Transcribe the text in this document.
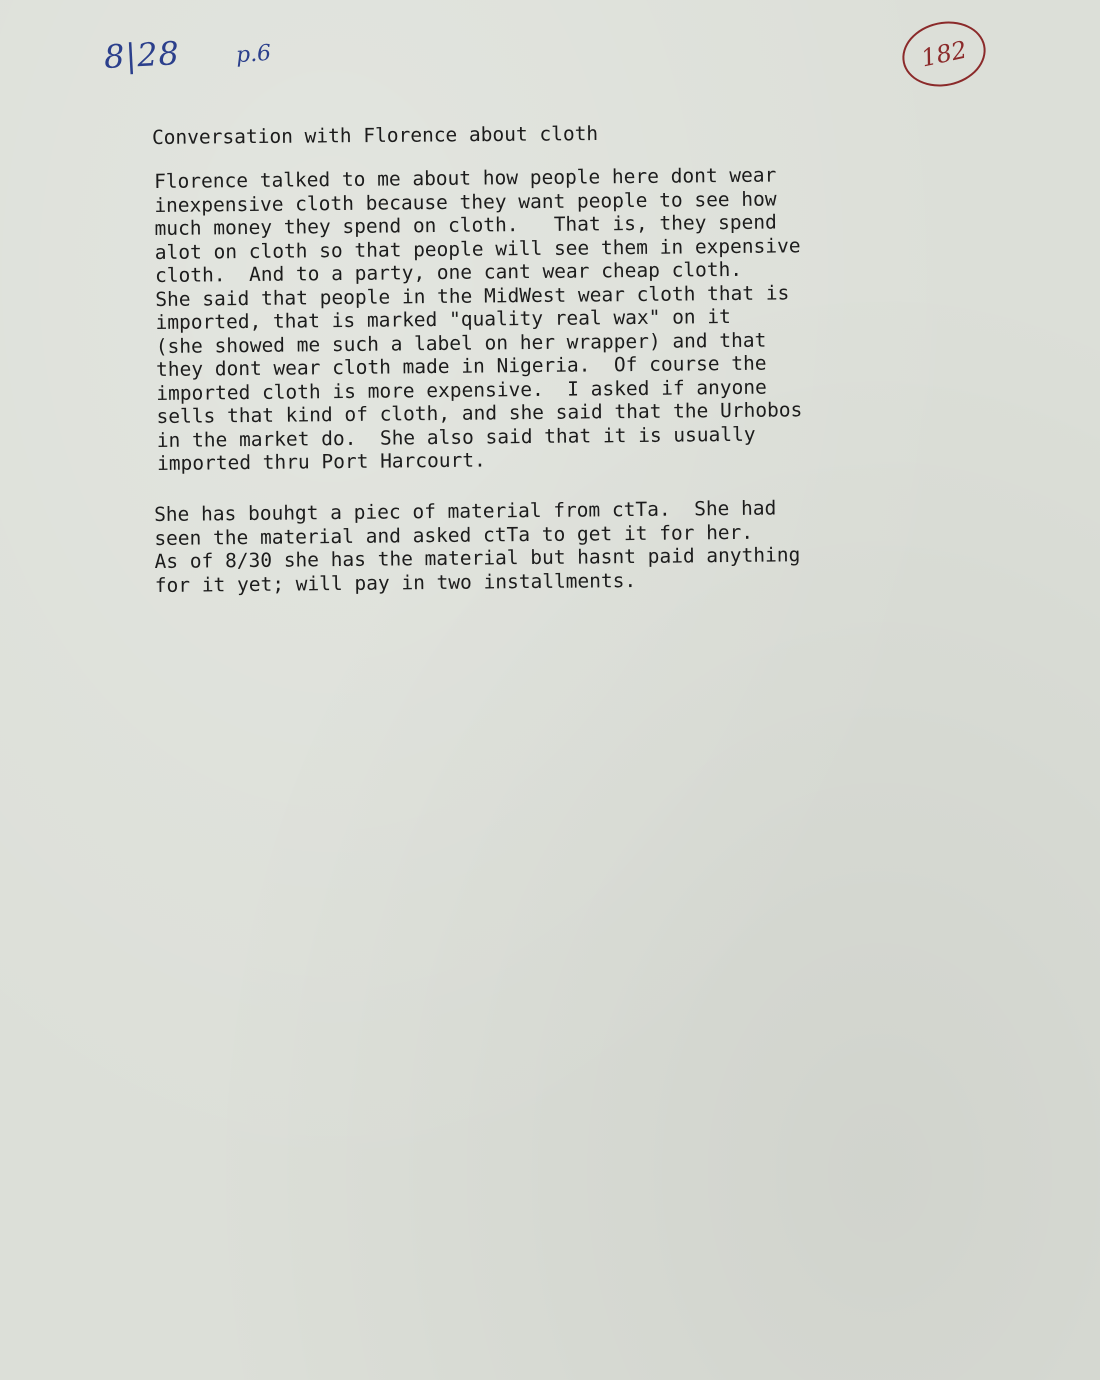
8|28 p.6	182
Conversation with Florence about cloth
Florence talked to me about how people here dont wear
inexpensive cloth because they want people to see how
much money they spend on cloth.   That is, they spend
alot on cloth so that people will see them in expensive
cloth.  And to a party, one cant wear cheap cloth.
She said that people in the MidWest wear cloth that is
imported, that is marked "quality real wax" on it
(she showed me such a label on her wrapper) and that
they dont wear cloth made in Nigeria.  Of course the
imported cloth is more expensive.  I asked if anyone
sells that kind of cloth, and she said that the Urhobos
in the market do.  She also said that it is usually
imported thru Port Harcourt.
She has bouhgt a piec of material from ctTa.  She had
seen the material and asked ctTa to get it for her.
As of 8/30 she has the material but hasnt paid anything
for it yet; will pay in two installments.
